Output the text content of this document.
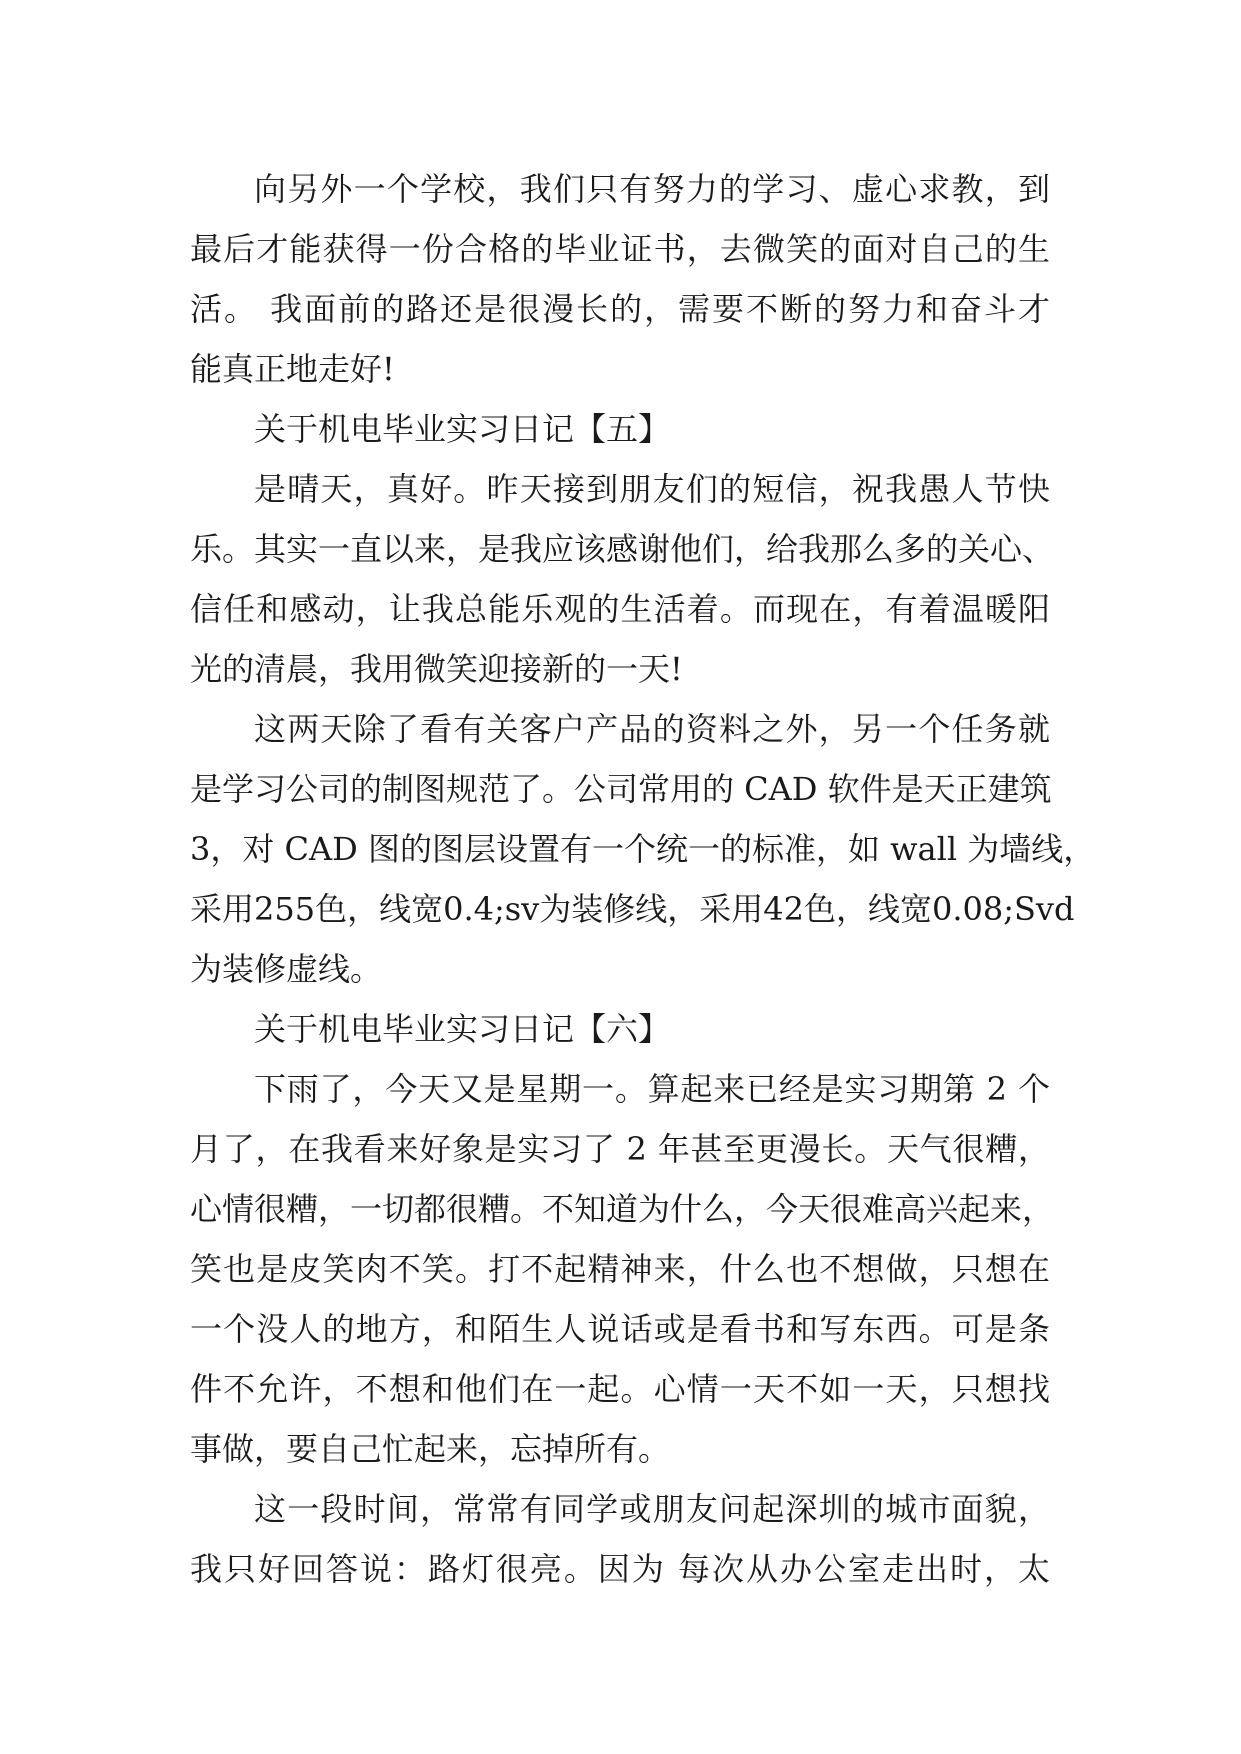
向另外一个学校，我们只有努力的学习、虚心求教，到
最后才能获得一份合格的毕业证书，去微笑的面对自己的生
活。 我面前的路还是很漫长的，需要不断的努力和奋斗才
能真正地走好!
关于机电毕业实习日记【五】
是晴天，真好。昨天接到朋友们的短信，祝我愚人节快
乐。其实一直以来，是我应该感谢他们，给我那么多的关心、
信任和感动，让我总能乐观的生活着。而现在，有着温暖阳
光的清晨，我用微笑迎接新的一天!
这两天除了看有关客户产品的资料之外，另一个任务就
是学习公司的制图规范了。公司常用的 CAD 软件是天正建筑
3，对 CAD 图的图层设置有一个统一的标准，如 wall 为墙线，
采用255色，线宽0.4;sv为装修线，采用42色，线宽0.08;Svd
为装修虚线。
关于机电毕业实习日记【六】
下雨了，今天又是星期一。算起来已经是实习期第 2 个
月了，在我看来好象是实习了 2 年甚至更漫长。天气很糟，
心情很糟，一切都很糟。不知道为什么，今天很难高兴起来，
笑也是皮笑肉不笑。打不起精神来，什么也不想做，只想在
一个没人的地方，和陌生人说话或是看书和写东西。可是条
件不允许，不想和他们在一起。心情一天不如一天，只想找
事做，要自己忙起来，忘掉所有。
这一段时间，常常有同学或朋友问起深圳的城市面貌，
我只好回答说：路灯很亮。因为 每次从办公室走出时，太
